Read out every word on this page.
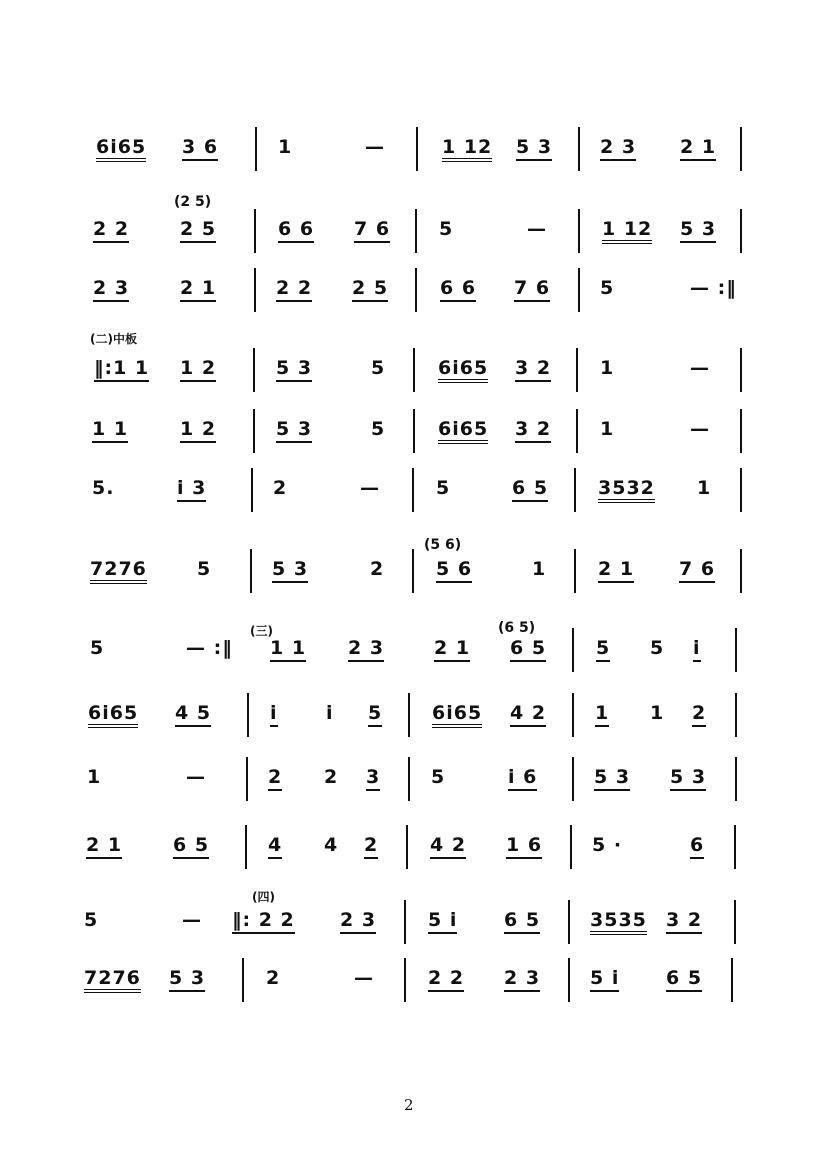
6i65 3 6	1	—	1 12 5 3	2 3 2 1
2 2	2 5	6 6 7 6	5	—	1 12 5 3
2 3	2 1	2 2 2 5	6 6 7 6	5	— :‖
‖:1 1 1 2	5 3	5	6i65 3 2	1	—
1 1	1 2	5 3	5	6i65 3 2	1	—
5.	i 3	2	—	5	6 5	3532 1
7276	5	5 3	2	5 6	1	2 1 7 6
5	— :‖ 1 1 2 3	2 1 6 5	5 5 i
6i65 4 5	i	i 5	6i65 4 2	1 1 2
1	—	2 2 3	5	i 6	5 3 5 3
2 1	6 5	4 4 2	4 2 1 6	5 ·	6
5	— ‖: 2 2 2 3	5 i 6 5	3535 3 2
7276 5 3	2	—	2 2 2 3	5 i 6 5
(二)中板
(三)
(四)
(2 5)
(5 6)
(6 5)
2
